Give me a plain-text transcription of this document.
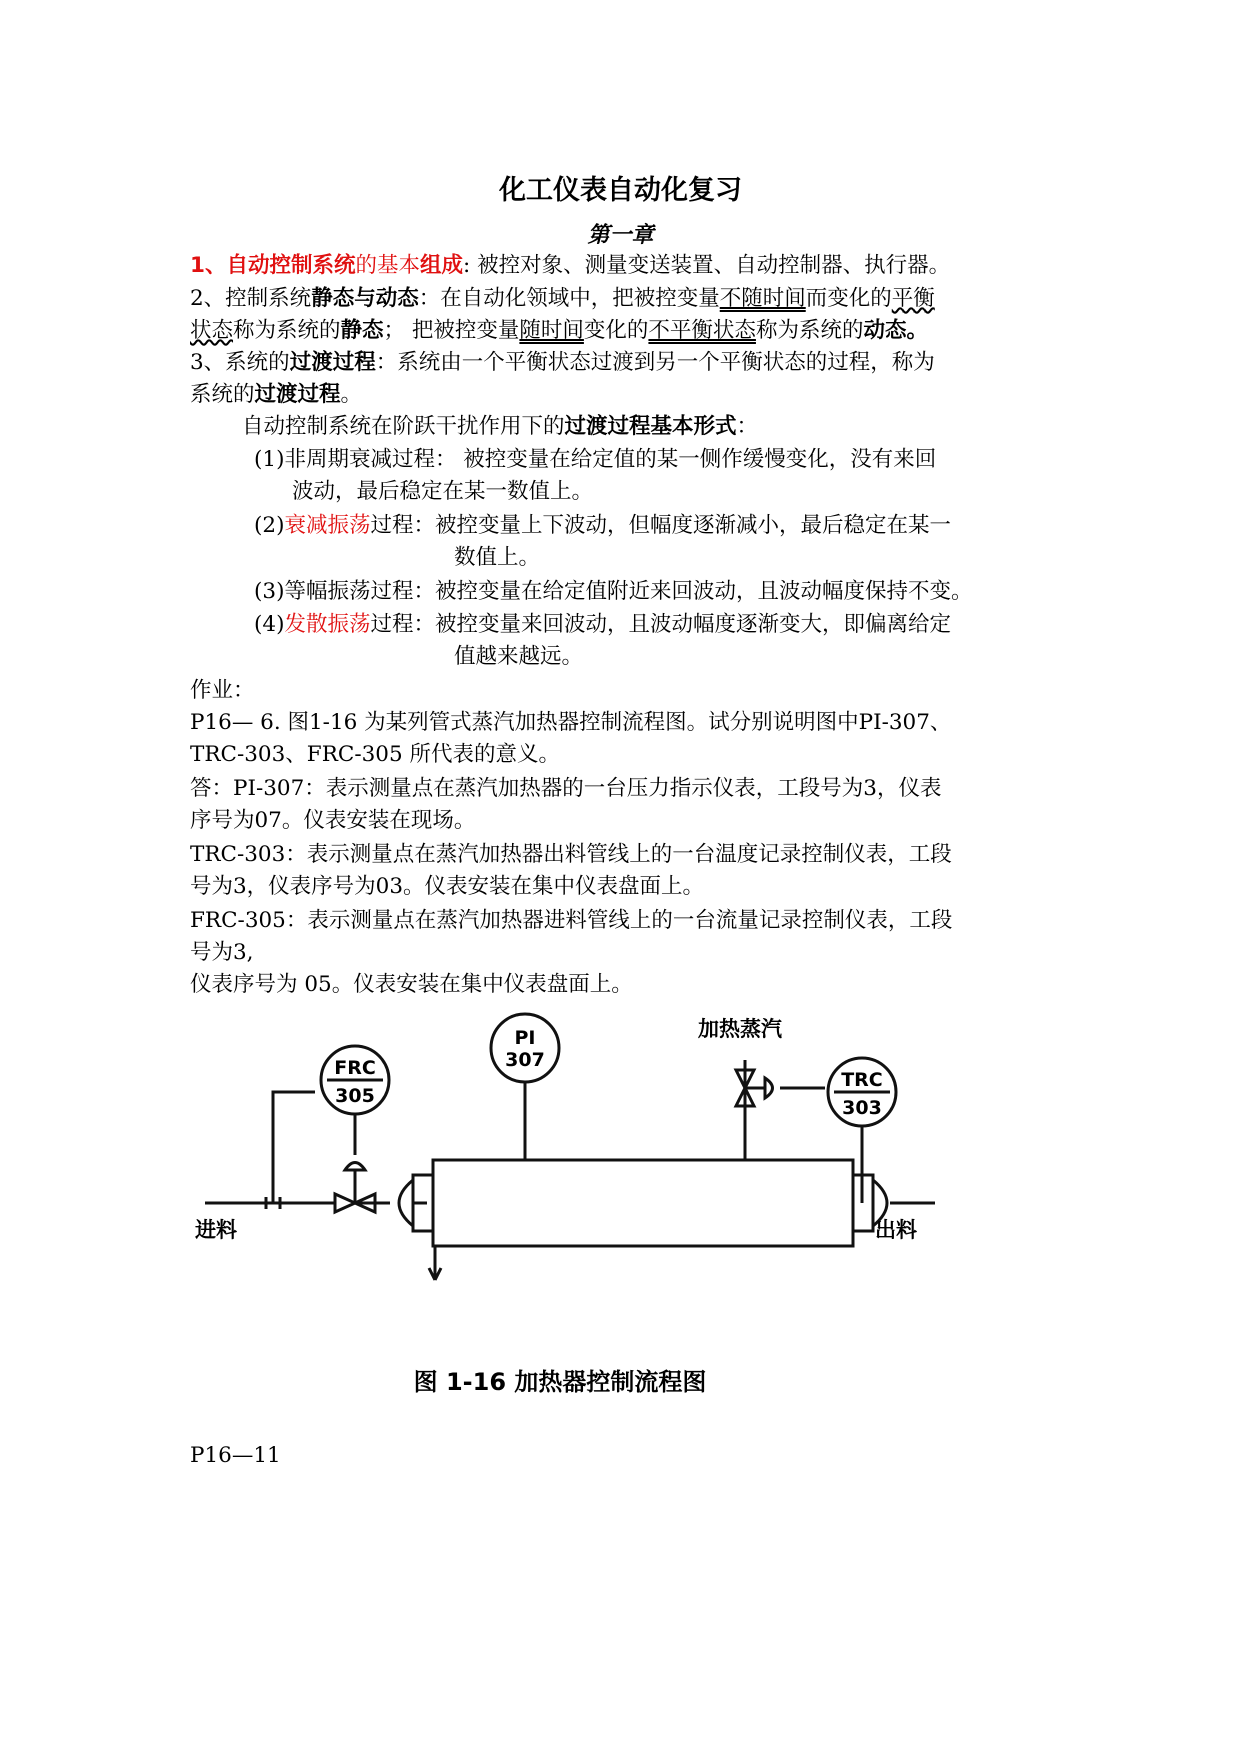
化工仪表自动化复习
第一章
1、自动控制系统的基本组成: 被控对象、测量变送装置、自动控制器、执行器。
2、控制系统静态与动态：在自动化领域中，把被控变量不随时间而变化的平衡
状态称为系统的静态； 把被控变量随时间变化的不平衡状态称为系统的动态。
3、系统的过渡过程：系统由一个平衡状态过渡到另一个平衡状态的过程，称为
系统的过渡过程。
自动控制系统在阶跃干扰作用下的过渡过程基本形式：
(1)非周期衰减过程： 被控变量在给定值的某一侧作缓慢变化，没有来回
波动，最后稳定在某一数值上。
(2)衰减振荡过程：被控变量上下波动，但幅度逐渐减小，最后稳定在某一
数值上。
(3)等幅振荡过程：被控变量在给定值附近来回波动，且波动幅度保持不变。
(4)发散振荡过程：被控变量来回波动，且波动幅度逐渐变大，即偏离给定
值越来越远。
作业：
P16— 6. 图1-16 为某列管式蒸汽加热器控制流程图。试分别说明图中PI-307、
TRC-303、FRC-305 所代表的意义。
答：PI-307：表示测量点在蒸汽加热器的一台压力指示仪表，工段号为3，仪表
序号为07。仪表安装在现场。
TRC-303：表示测量点在蒸汽加热器出料管线上的一台温度记录控制仪表，工段
号为3，仪表序号为03。仪表安装在集中仪表盘面上。
FRC-305：表示测量点在蒸汽加热器进料管线上的一台流量记录控制仪表，工段
号为3,
仪表序号为 05。仪表安装在集中仪表盘面上。
FRC
305
PI
307
TRC
303
加热蒸汽
进料	出料
图 1-16 加热器控制流程图
P16—11
